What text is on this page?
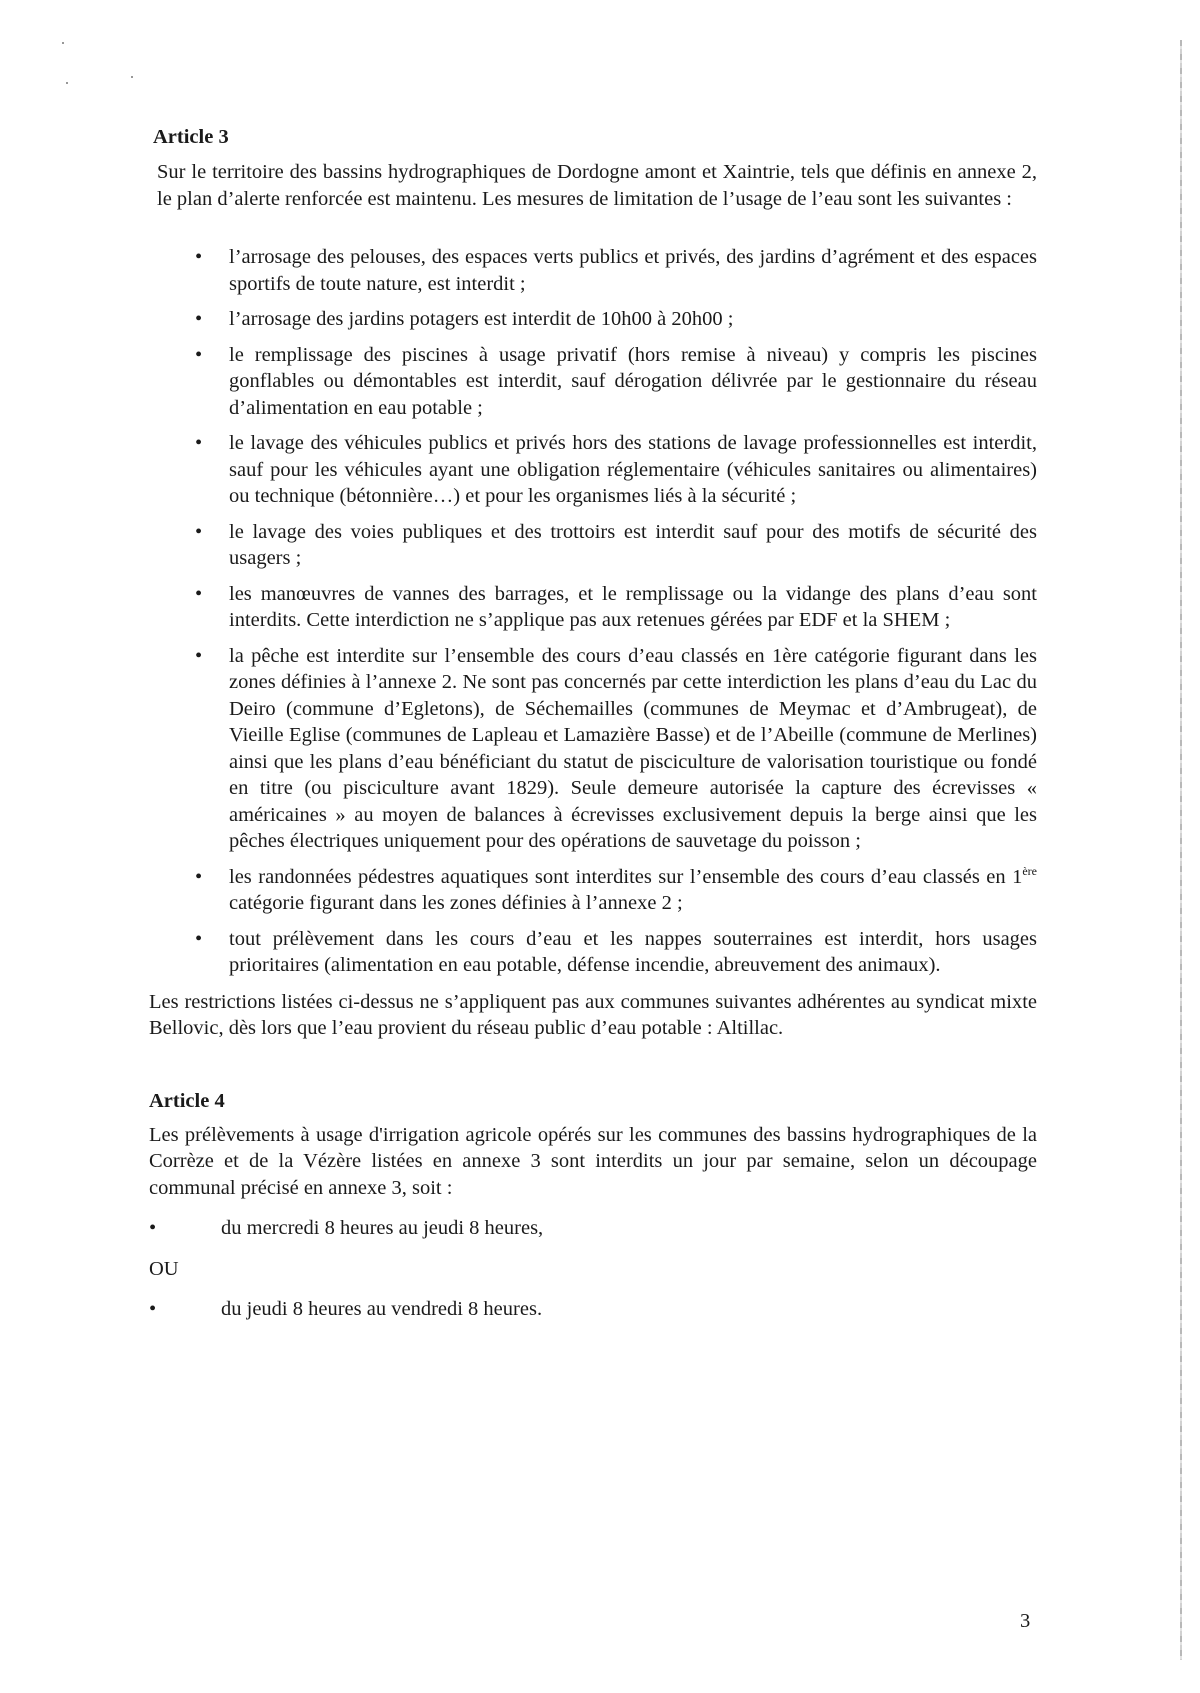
Article 3

Sur le territoire des bassins hydrographiques de Dordogne amont et Xaintrie, tels que définis en annexe 2, le plan d’alerte renforcée est maintenu. Les mesures de limitation de l’usage de l’eau sont les suivantes :

• l’arrosage des pelouses, des espaces verts publics et privés, des jardins d’agrément et des espaces sportifs de toute nature, est interdit ;
• l’arrosage des jardins potagers est interdit de 10h00 à 20h00 ;
• le remplissage des piscines à usage privatif (hors remise à niveau) y compris les piscines gonflables ou démontables est interdit, sauf dérogation délivrée par le gestionnaire du réseau d’alimentation en eau potable ;
• le lavage des véhicules publics et privés hors des stations de lavage professionnelles est interdit, sauf pour les véhicules ayant une obligation réglementaire (véhicules sanitaires ou alimentaires) ou technique (bétonnière…) et pour les organismes liés à la sécurité ;
• le lavage des voies publiques et des trottoirs est interdit sauf pour des motifs de sécurité des usagers ;
• les manœuvres de vannes des barrages, et le remplissage ou la vidange des plans d’eau sont interdits. Cette interdiction ne s’applique pas aux retenues gérées par EDF et la SHEM ;
• la pêche est interdite sur l’ensemble des cours d’eau classés en 1ère catégorie figurant dans les zones définies à l’annexe 2. Ne sont pas concernés par cette interdiction les plans d’eau du Lac du Deiro (commune d’Egletons), de Séchemailles (communes de Meymac et d’Ambrugeat), de Vieille Eglise (communes de Lapleau et Lamazière Basse) et de l’Abeille (commune de Merlines) ainsi que les plans d’eau bénéficiant du statut de pisciculture de valorisation touristique ou fondé en titre (ou pisciculture avant 1829). Seule demeure autorisée la capture des écrevisses « américaines » au moyen de balances à écrevisses exclusivement depuis la berge ainsi que les pêches électriques uniquement pour des opérations de sauvetage du poisson ;
• les randonnées pédestres aquatiques sont interdites sur l’ensemble des cours d’eau classés en 1ère catégorie figurant dans les zones définies à l’annexe 2 ;
• tout prélèvement dans les cours d’eau et les nappes souterraines est interdit, hors usages prioritaires (alimentation en eau potable, défense incendie, abreuvement des animaux).

Les restrictions listées ci-dessus ne s’appliquent pas aux communes suivantes adhérentes au syndicat mixte Bellovic, dès lors que l’eau provient du réseau public d’eau potable : Altillac.

Article 4

Les prélèvements à usage d'irrigation agricole opérés sur les communes des bassins hydrographiques de la Corrèze et de la Vézère listées en annexe 3 sont interdits un jour par semaine, selon un découpage communal précisé en annexe 3, soit :

•	du mercredi 8 heures au jeudi 8 heures,

OU

•	du jeudi 8 heures au vendredi 8 heures.
3
